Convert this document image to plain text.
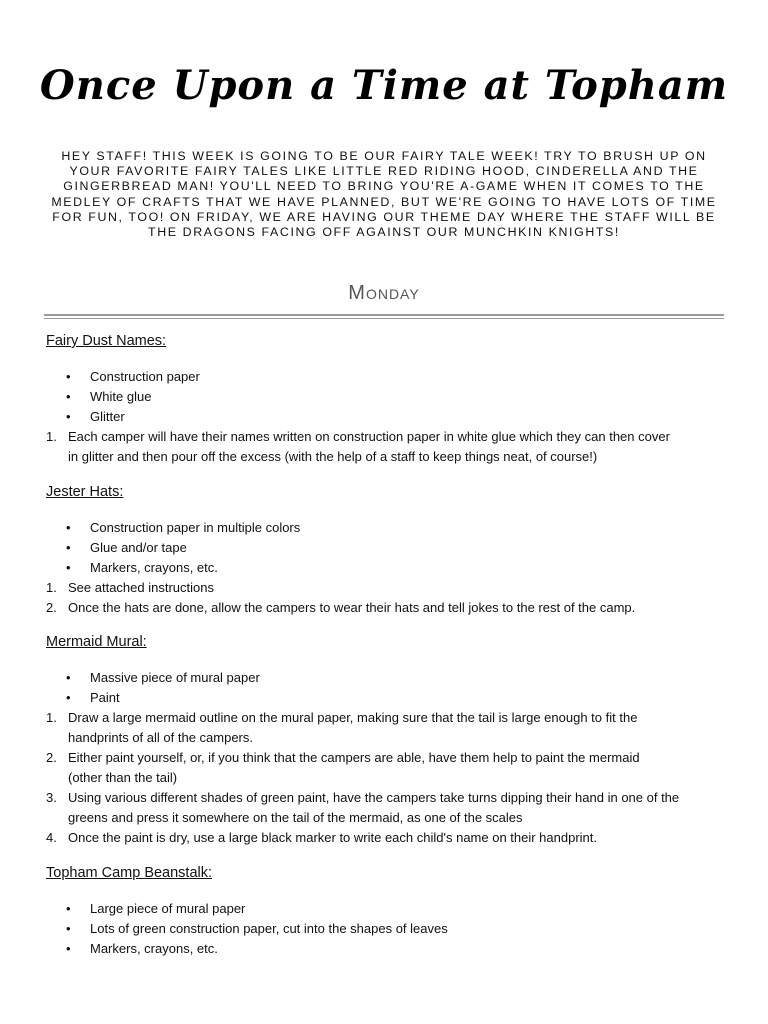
Once Upon a Time at Topham
HEY STAFF! THIS WEEK IS GOING TO BE OUR FAIRY TALE WEEK! TRY TO BRUSH UP ON YOUR FAVORITE FAIRY TALES LIKE LITTLE RED RIDING HOOD, CINDERELLA AND THE GINGERBREAD MAN! YOU'LL NEED TO BRING YOU'RE A-GAME WHEN IT COMES TO THE MEDLEY OF CRAFTS THAT WE HAVE PLANNED, BUT WE'RE GOING TO HAVE LOTS OF TIME FOR FUN, TOO! ON FRIDAY, WE ARE HAVING OUR THEME DAY WHERE THE STAFF WILL BE THE DRAGONS FACING OFF AGAINST OUR MUNCHKIN KNIGHTS!
Monday
Fairy Dust Names:
• Construction paper
• White glue
• Glitter
1. Each camper will have their names written on construction paper in white glue which they can then cover
in glitter and then pour off the excess (with the help of a staff to keep things neat, of course!)
Jester Hats:
• Construction paper in multiple colors
• Glue and/or tape
• Markers, crayons, etc.
1. See attached instructions
2. Once the hats are done, allow the campers to wear their hats and tell jokes to the rest of the camp.
Mermaid Mural:
• Massive piece of mural paper
• Paint
1. Draw a large mermaid outline on the mural paper, making sure that the tail is large enough to fit the
handprints of all of the campers.
2. Either paint yourself, or, if you think that the campers are able, have them help to paint the mermaid
(other than the tail)
3. Using various different shades of green paint, have the campers take turns dipping their hand in one of the
greens and press it somewhere on the tail of the mermaid, as one of the scales
4. Once the paint is dry, use a large black marker to write each child's name on their handprint.
Topham Camp Beanstalk:
• Large piece of mural paper
• Lots of green construction paper, cut into the shapes of leaves
• Markers, crayons, etc.
